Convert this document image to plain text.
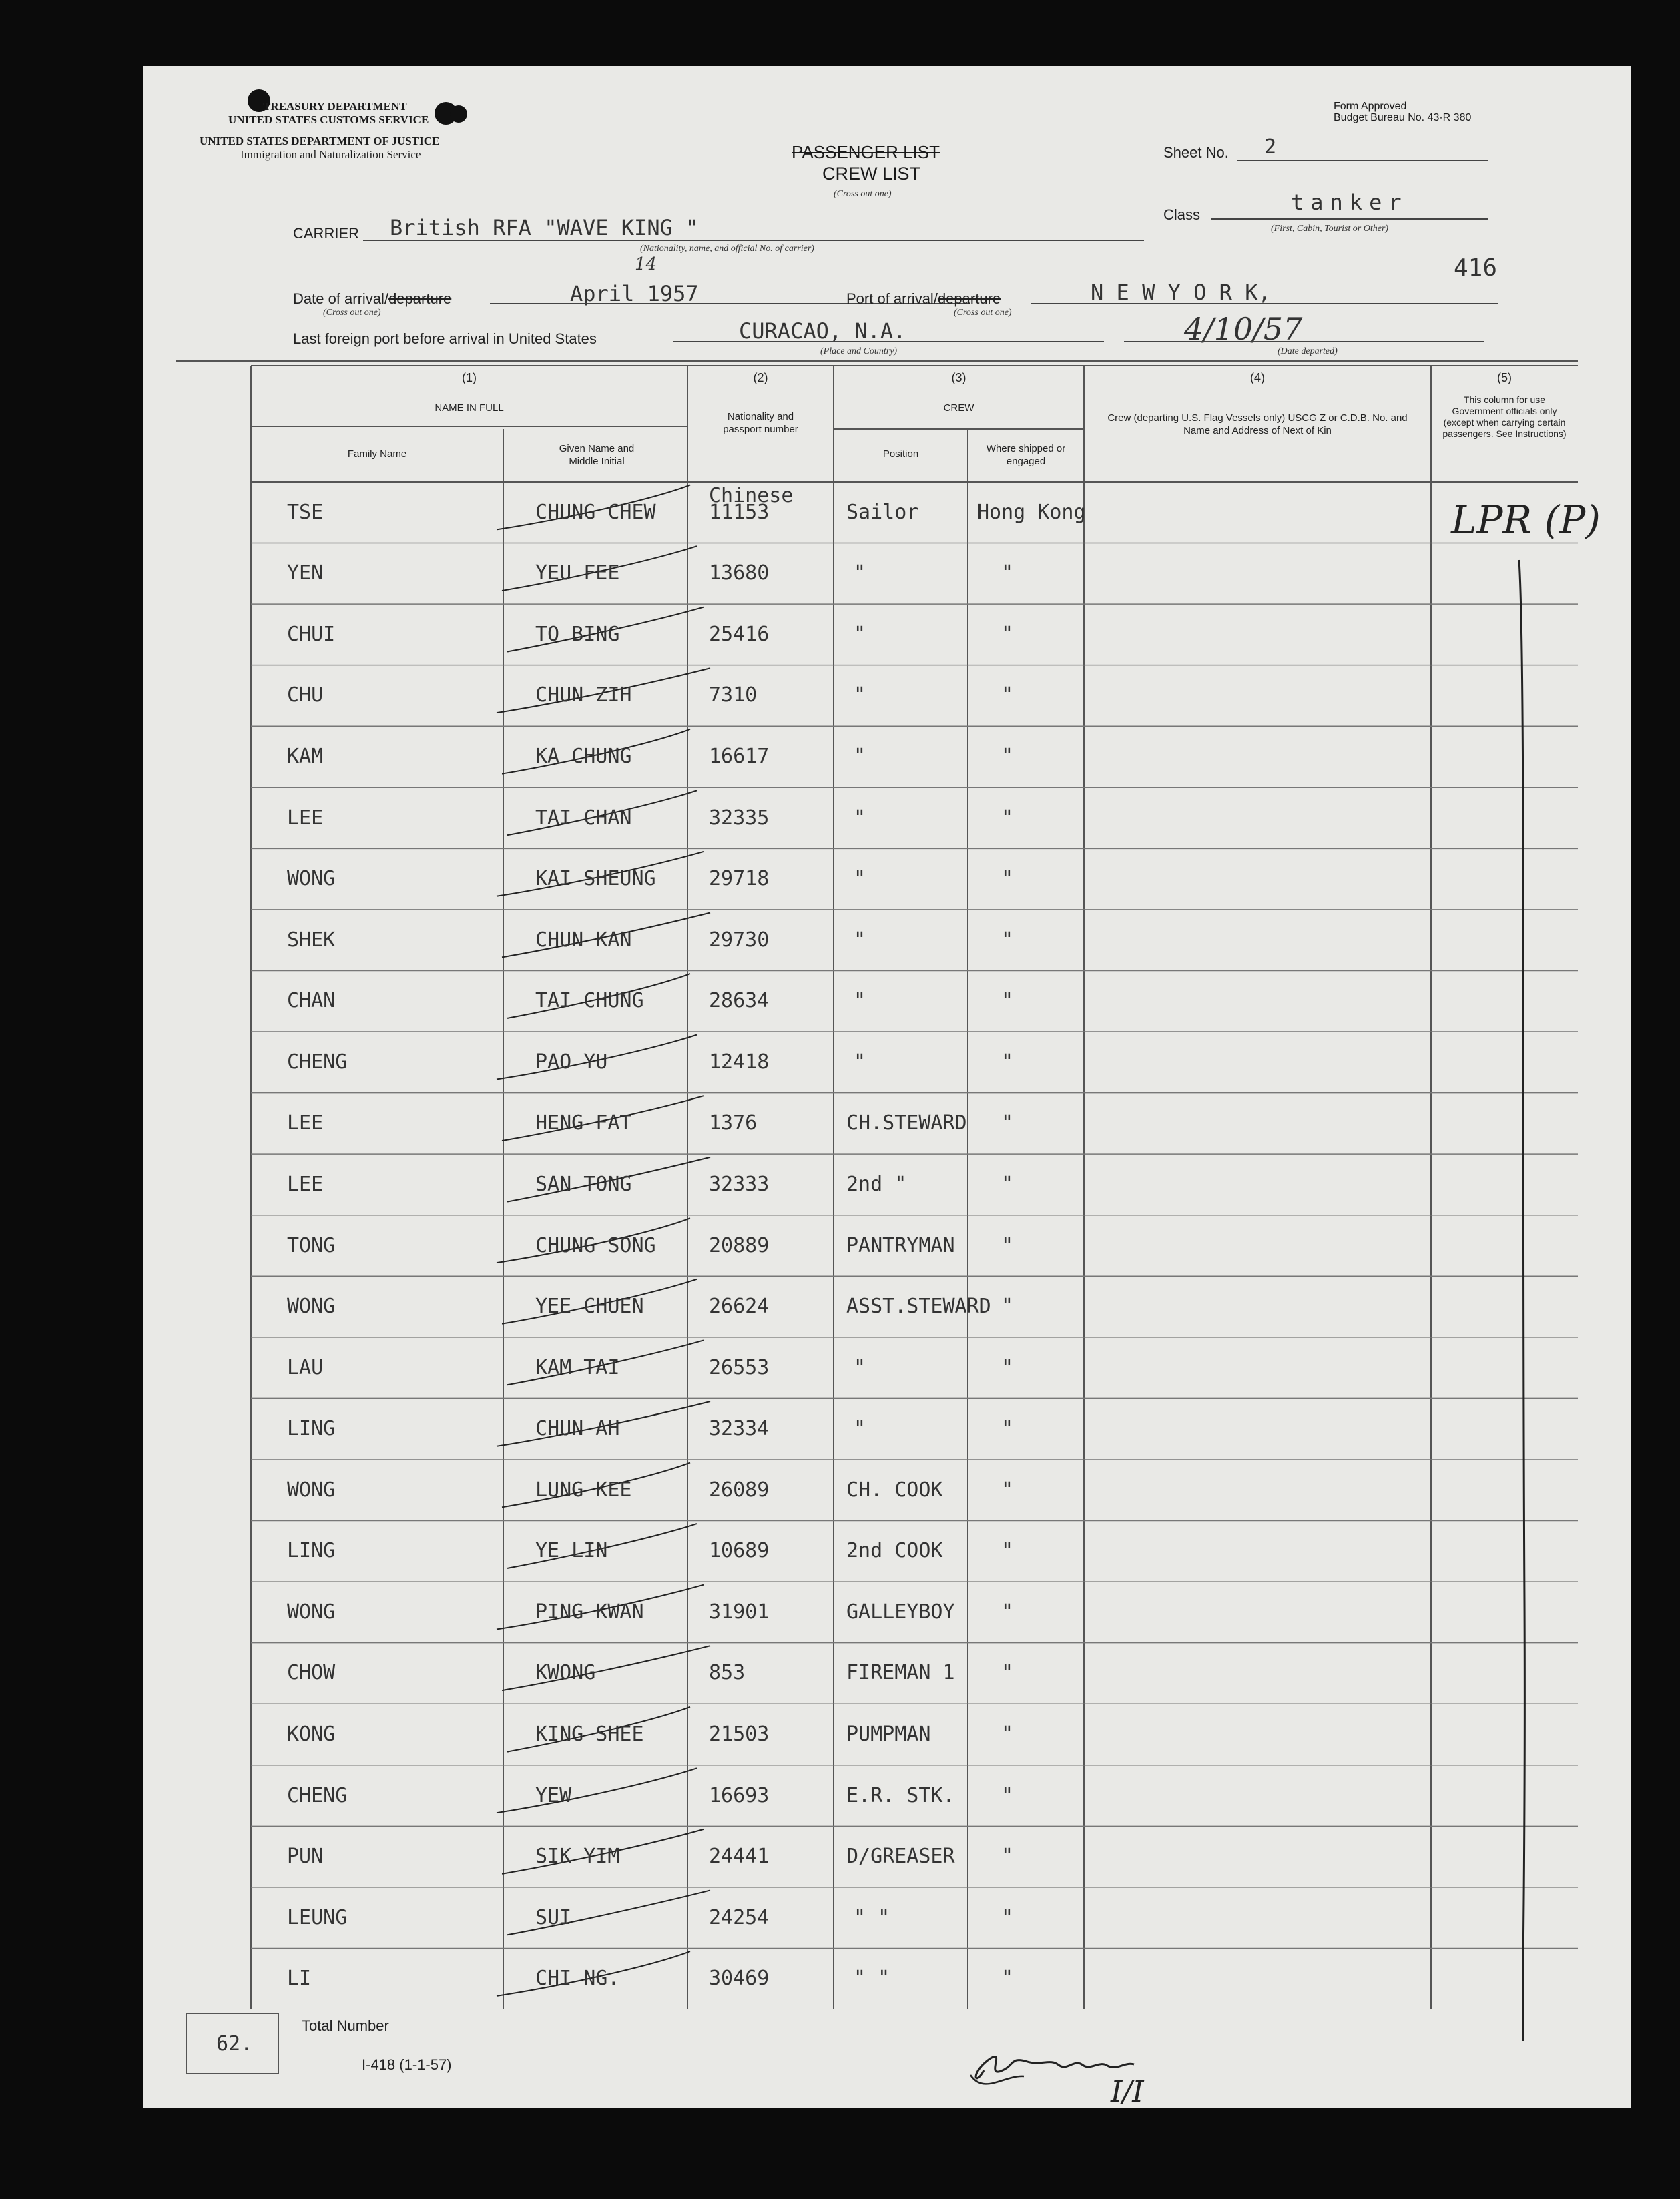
TREASURY DEPARTMENT
UNITED STATES CUSTOMS SERVICE
UNITED STATES DEPARTMENT OF JUSTICE
Immigration and Naturalization Service	PASSENGER LIST
CREW LIST
(Cross out one)
Form Approved
Budget Bureau No. 43-R 380
Sheet No. 2
Class	tanker
(First, Cabin, Tourist or Other)
CARRIER British RFA "WAVE KING "
(Nationality, name, and official No. of carrier)
416
Date of arrival/departure
(Cross out one)
14
April 1957	Port of arrival/departure
(Cross out one)
N E W Y O R K,
Last foreign port before arrival in United States	CURACAO, N.A.
(Place and Country)
4/10/57
(Date departed)
(1)
NAME IN FULL
Family Name	Given Name and Middle Initial
(2)
Nationality and passport number
(3)
CREW
Position	Where shipped or engaged
(4)
Crew (departing U.S. Flag Vessels only) USCG Z or C.D.B. No. and Name and Address of Next of Kin
(5)
This column for use Government officials only (except when carrying certain passengers. See Instructions)
TSE	CHUNG CHEW	11153	Sailor	Hong Kong
YEN	YEU FEE	13680	"	"
CHUI	TO BING	25416	"	"
CHU	CHUN ZIH	7310	"	"
KAM	KA CHUNG	16617	"	"
LEE	TAI CHAN	32335	"	"
WONG	KAI SHEUNG	29718	"	"
SHEK	CHUN KAN	29730	"	"
CHAN	TAI CHUNG	28634	"	"
CHENG	PAO YU	12418	"	"
LEE	HENG FAT	1376	CH.STEWARD "
LEE	SAN TONG	32333	2nd "	"
TONG	CHUNG SONG	20889	PANTRYMAN "
WONG	YEE CHUEN	26624	ASST.STEWARD "
LAU	KAM TAI	26553	"	"
LING	CHUN AH	32334	"	"
WONG	LUNG KEE	26089	CH. COOK	"
LING	YE LIN	10689	2nd COOK	"
WONG	PING KWAN	31901	GALLEYBOY "
CHOW	KWONG	853	FIREMAN 1 "
KONG	KING SHEE	21503	PUMPMAN	"
CHENG	YEW	16693	E.R. STK. "
PUN	SIK YIM	24441	D/GREASER "
LEUNG	SUI	24254	" "	"
LI	CHI NG.	30469	" "	"
Chinese
LPR (P)
62.
Total Number
I-418 (1-1-57)
I/I
